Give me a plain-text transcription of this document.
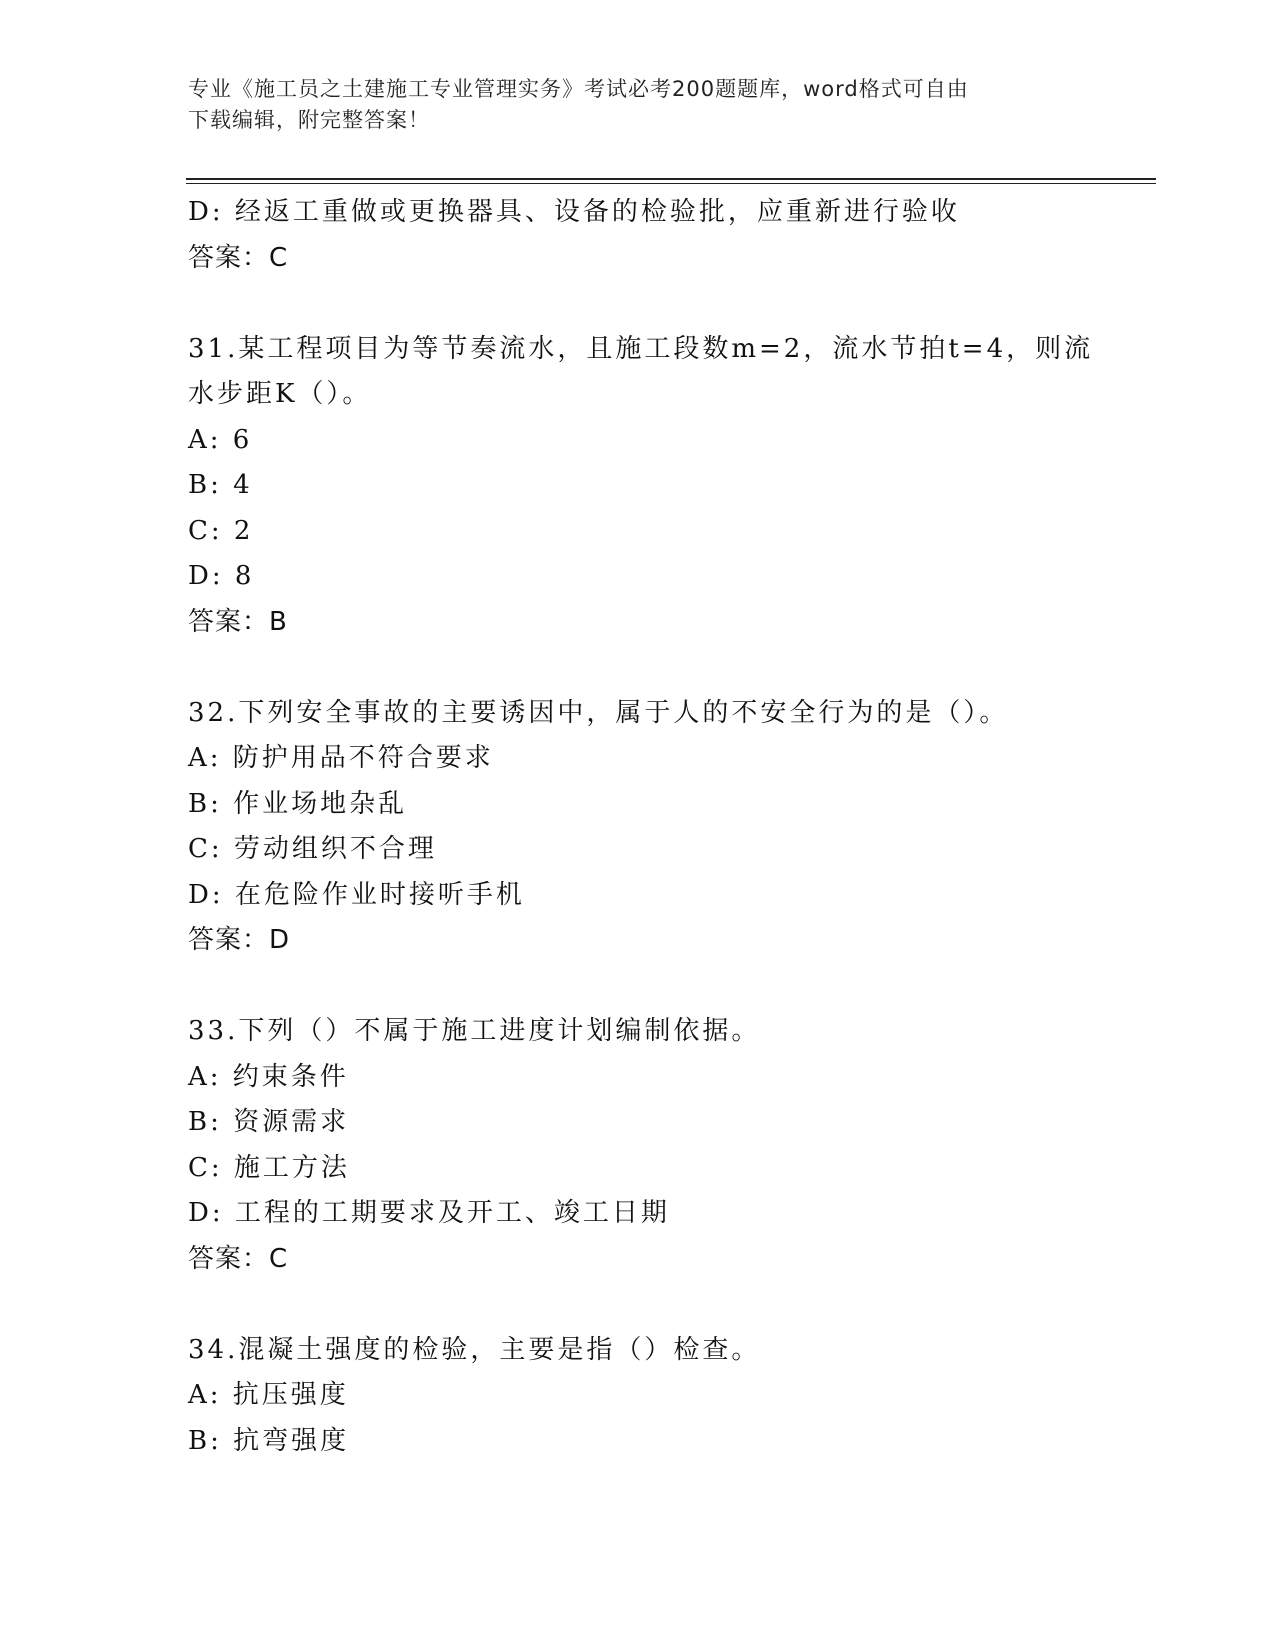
专业《施工员之土建施工专业管理实务》考试必考200题题库，word格式可自由
下载编辑，附完整答案！
D: 经返工重做或更换器具、设备的检验批，应重新进行验收
答案：C
31.某工程项目为等节奏流水，且施工段数m=2，流水节拍t=4，则流
水步距K（）。
A: 6
B: 4
C: 2
D: 8
答案：B
32.下列安全事故的主要诱因中，属于人的不安全行为的是（）。
A: 防护用品不符合要求
B: 作业场地杂乱
C: 劳动组织不合理
D: 在危险作业时接听手机
答案：D
33.下列（）不属于施工进度计划编制依据。
A: 约束条件
B: 资源需求
C: 施工方法
D: 工程的工期要求及开工、竣工日期
答案：C
34.混凝土强度的检验，主要是指（）检查。
A: 抗压强度
B: 抗弯强度
